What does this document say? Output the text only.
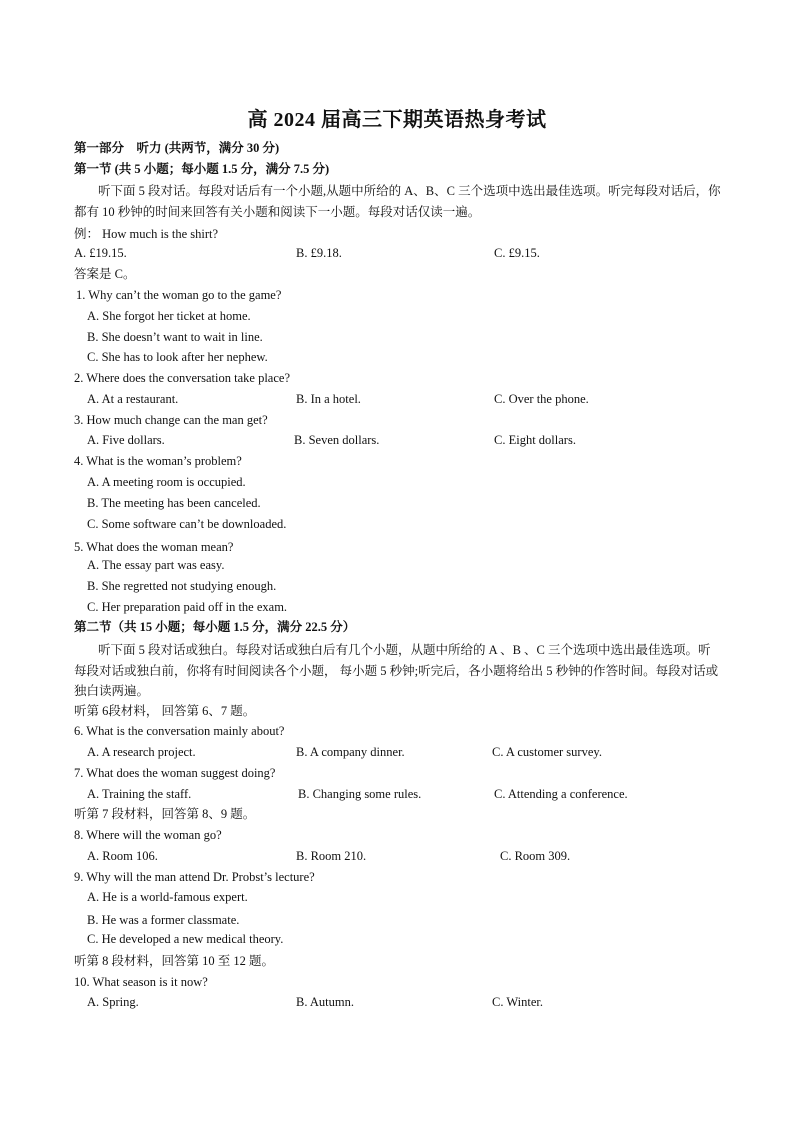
高 2024 届高三下期英语热身考试
第一部分　听力 (共两节，满分 30 分)
第一节 (共 5 小题；每小题 1.5 分，满分 7.5 分)
听下面 5 段对话。每段对话后有一个小题,从题中所给的 A、B、C 三个选项中选出最佳选项。听完每段对话后，你都有 10 秒钟的时间来回答有关小题和阅读下一小题。每段对话仅读一遍。
例： How much is the shirt?
A. £19.15.	B. £9.18.	C. £9.15.
答案是 C。
1. Why can’t the woman go to the game?
A. She forgot her ticket at home.
B. She doesn’t want to wait in line.
C. She has to look after her nephew.
2. Where does the conversation take place?
A. At a restaurant.	B. In a hotel.	C. Over the phone.
3. How much change can the man get?
A. Five dollars.	B. Seven dollars.	C. Eight dollars.
4. What is the woman’s problem?
A. A meeting room is occupied.
B. The meeting has been canceled.
C. Some software can’t be downloaded.
5. What does the woman mean?
A. The essay part was easy.
B. She regretted not studying enough.
C. Her preparation paid off in the exam.
第二节（共 15 小题；每小题 1.5 分，满分 22.5 分）
听下面 5 段对话或独白。每段对话或独白后有几个小题，从题中所给的 A 、B 、C 三个选项中选出最佳选项。听每段对话或独白前，你将有时间阅读各个小题， 每小题 5 秒钟;听完后，各小题将给出 5 秒钟的作答时间。每段对话或独白读两遍。
听第 6段材料， 回答第 6、7 题。
6. What is the conversation mainly about?
A. A research project.	B. A company dinner.	C. A customer survey.
7. What does the woman suggest doing?
A. Training the staff.	B. Changing some rules.	C. Attending a conference.
听第 7 段材料，回答第 8、9 题。
8. Where will the woman go?
A. Room 106.	B. Room 210.	C. Room 309.
9. Why will the man attend Dr. Probst’s lecture?
A. He is a world-famous expert.
B. He was a former classmate.
C. He developed a new medical theory.
听第 8 段材料，回答第 10 至 12 题。
10. What season is it now?
A. Spring.	B. Autumn.	C. Winter.
